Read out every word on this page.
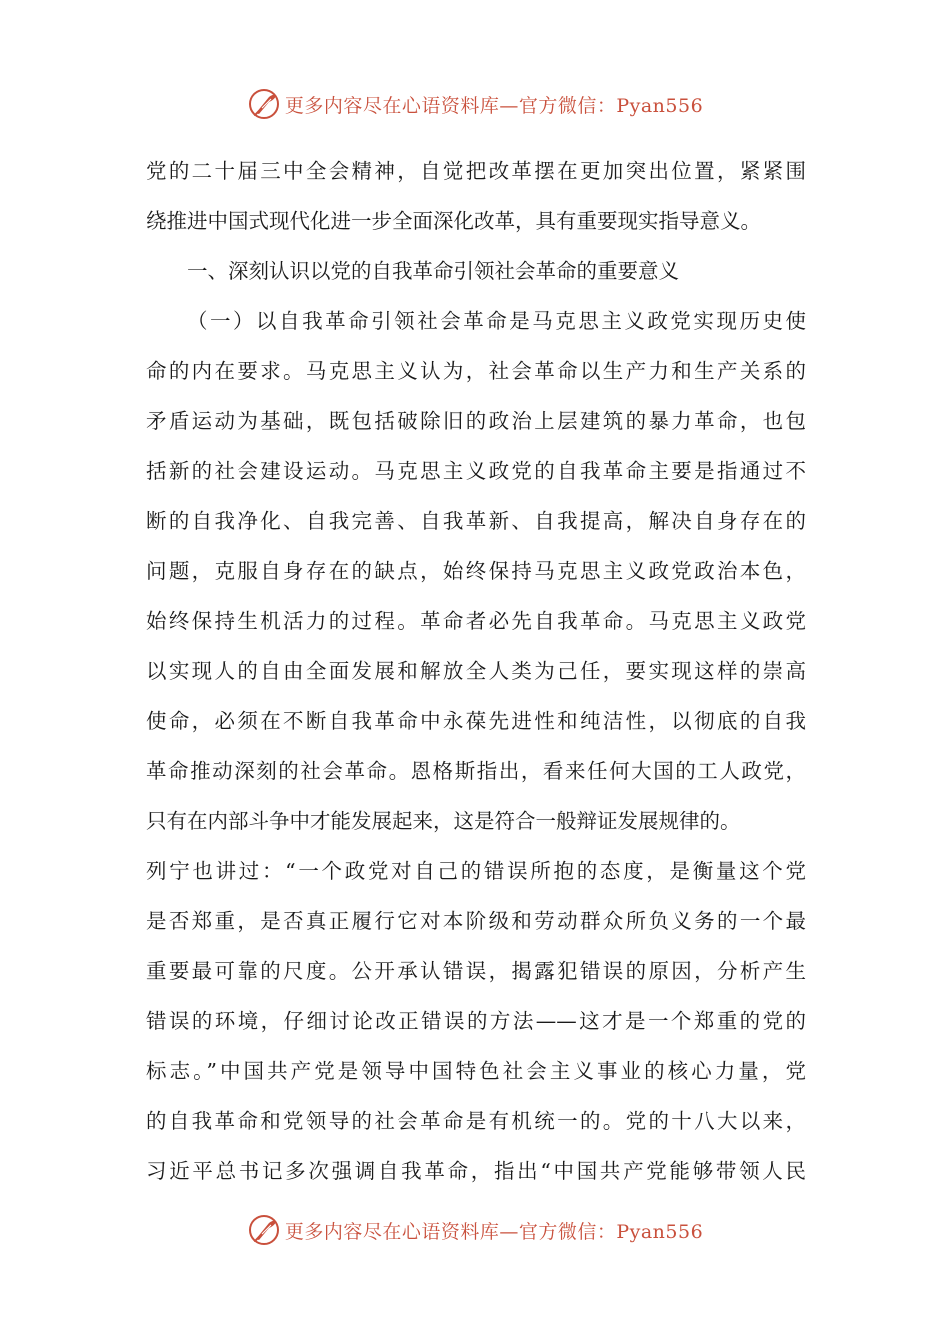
更多内容尽在心语资料库—官方微信：Pyan556
党的二十届三中全会精神，自觉把改革摆在更加突出位置，紧紧围
绕推进中国式现代化进一步全面深化改革，具有重要现实指导意义。
一、深刻认识以党的自我革命引领社会革命的重要意义
（一）以自我革命引领社会革命是马克思主义政党实现历史使
命的内在要求。马克思主义认为，社会革命以生产力和生产关系的
矛盾运动为基础，既包括破除旧的政治上层建筑的暴力革命，也包
括新的社会建设运动。马克思主义政党的自我革命主要是指通过不
断的自我净化、自我完善、自我革新、自我提高，解决自身存在的
问题，克服自身存在的缺点，始终保持马克思主义政党政治本色，
始终保持生机活力的过程。革命者必先自我革命。马克思主义政党
以实现人的自由全面发展和解放全人类为己任，要实现这样的崇高
使命，必须在不断自我革命中永葆先进性和纯洁性，以彻底的自我
革命推动深刻的社会革命。恩格斯指出，看来任何大国的工人政党，
只有在内部斗争中才能发展起来，这是符合一般辩证发展规律的。
列宁也讲过：“一个政党对自己的错误所抱的态度，是衡量这个党
是否郑重，是否真正履行它对本阶级和劳动群众所负义务的一个最
重要最可靠的尺度。公开承认错误，揭露犯错误的原因，分析产生
错误的环境，仔细讨论改正错误的方法——这才是一个郑重的党的
标志。”中国共产党是领导中国特色社会主义事业的核心力量，党
的自我革命和党领导的社会革命是有机统一的。党的十八大以来，
习近平总书记多次强调自我革命，指出“中国共产党能够带领人民
更多内容尽在心语资料库—官方微信：Pyan556
